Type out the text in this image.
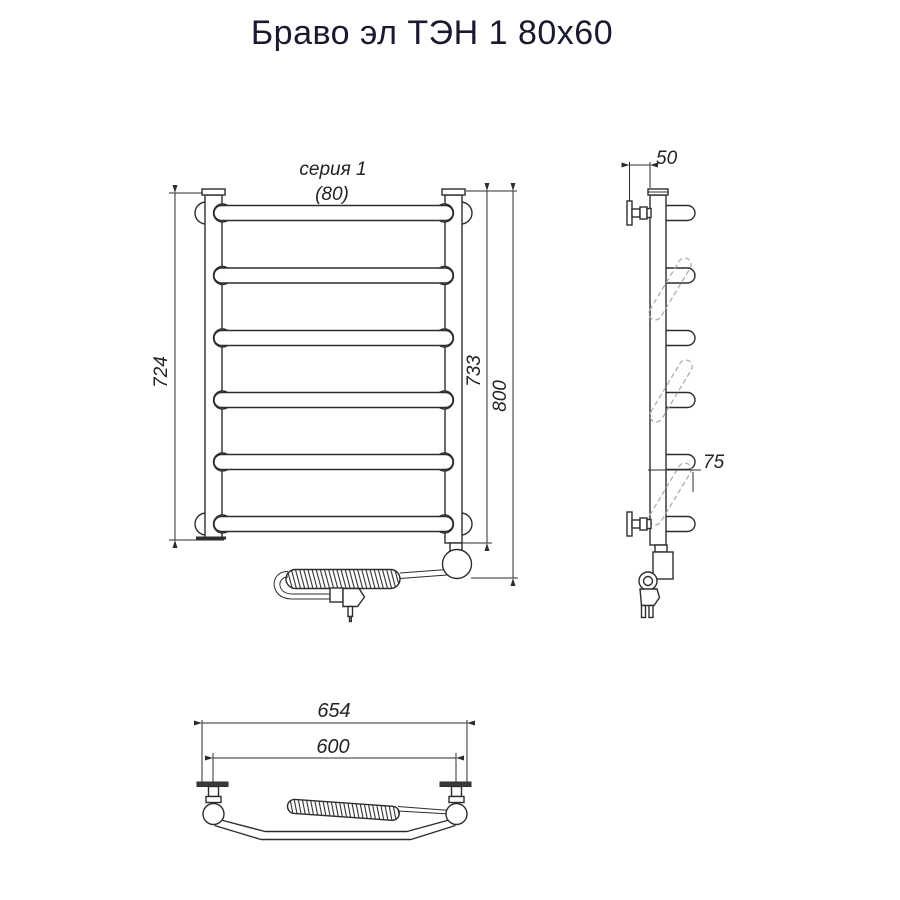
Браво эл ТЭН 1 80х60
724	733
800
серия 1
(80)
50
75
654
600
